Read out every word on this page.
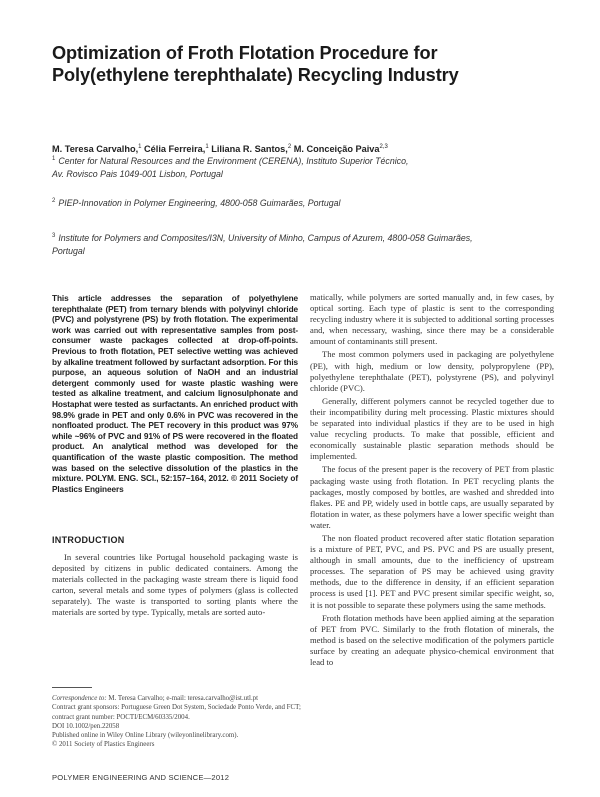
Optimization of Froth Flotation Procedure for Poly(ethylene terephthalate) Recycling Industry
M. Teresa Carvalho,$^1$ Célia Ferreira,$^1$ Liliana R. Santos,$^2$ M. Conceição Paiva$^{2,3}$
$^1$ Center for Natural Resources and the Environment (CERENA), Instituto Superior Técnico,
Av. Rovisco Pais 1049-001 Lisbon, Portugal
$^2$ PIEP-Innovation in Polymer Engineering, 4800-058 Guimarães, Portugal
$^3$ Institute for Polymers and Composites/I3N, University of Minho, Campus of Azurem, 4800-058 Guimarães,
Portugal
This article addresses the separation of polyethylene terephthalate (PET) from ternary blends with polyvinyl chloride (PVC) and polystyrene (PS) by froth flotation. The experimental work was carried out with representative samples from post-consumer waste packages collected at drop-off-points. Previous to froth flotation, PET selective wetting was achieved by alkaline treatment followed by surfactant adsorption. For this purpose, an aqueous solution of NaOH and an industrial detergent commonly used for waste plastic washing were tested as alkaline treatment, and calcium lignosulphonate and Hostaphat were tested as surfactants. An enriched product with 98.9% grade in PET and only 0.6% in PVC was recovered in the nonfloated product. The PET recovery in this product was 97% while ~96% of PVC and 91% of PS were recovered in the floated product. An analytical method was developed for the quantification of the waste plastic composition. The method was based on the selective dissolution of the plastics in the mixture. POLYM. ENG. SCI., 52:157–164, 2012. © 2011 Society of Plastics Engineers
INTRODUCTION

In several countries like Portugal household packaging waste is deposited by citizens in public dedicated containers. Among the materials collected in the packaging waste stream there is liquid food carton, several metals and some types of polymers (glass is collected separately). The waste is transported to sorting plants where the materials are sorted by type. Typically, metals are sorted auto-

matically, while polymers are sorted manually and, in few cases, by optical sorting. Each type of plastic is sent to the corresponding recycling industry where it is subjected to additional sorting processes and, when necessary, washing, since there may be a considerable amount of contaminants still present.

The most common polymers used in packaging are polyethylene (PE), with high, medium or low density, polypropylene (PP), polyethylene terephthalate (PET), polystyrene (PS), and polyvinyl chloride (PVC).

Generally, different polymers cannot be recycled together due to their incompatibility during melt processing. Plastic mixtures should be separated into individual plastics if they are to be used in high value recycling products. To make that possible, efficient and economically sustainable plastic separation methods should be implemented.

The focus of the present paper is the recovery of PET from plastic packaging waste using froth flotation. In PET recycling plants the packages, mostly composed by bottles, are washed and shredded into flakes. PE and PP, widely used in bottle caps, are usually separated by flotation in water, as these polymers have a lower specific weight than water.

The non floated product recovered after static flotation separation is a mixture of PET, PVC, and PS. PVC and PS are usually present, although in small amounts, due to the inefficiency of upstream processes. The separation of PS may be achieved using gravity methods, due to the difference in density, if an efficient separation process is used [1]. PET and PVC present similar specific weight, so, it is not possible to separate these polymers using the same methods.

Froth flotation methods have been applied aiming at the separation of PET from PVC. Similarly to the froth flotation of minerals, the method is based on the selective modification of the polymers particle surface by creating an adequate physico-chemical environment that lead to

Correspondence to: M. Teresa Carvalho; e-mail: teresa.carvalho@ist.utl.pt
Contract grant sponsors: Portuguese Green Dot System, Sociedade Ponto Verde, and FCT; contract grant number: POCTI/ECM/60335/2004.
DOI 10.1002/pen.22058
Published online in Wiley Online Library (wileyonlinelibrary.com).
© 2011 Society of Plastics Engineers
POLYMER ENGINEERING AND SCIENCE—2012
